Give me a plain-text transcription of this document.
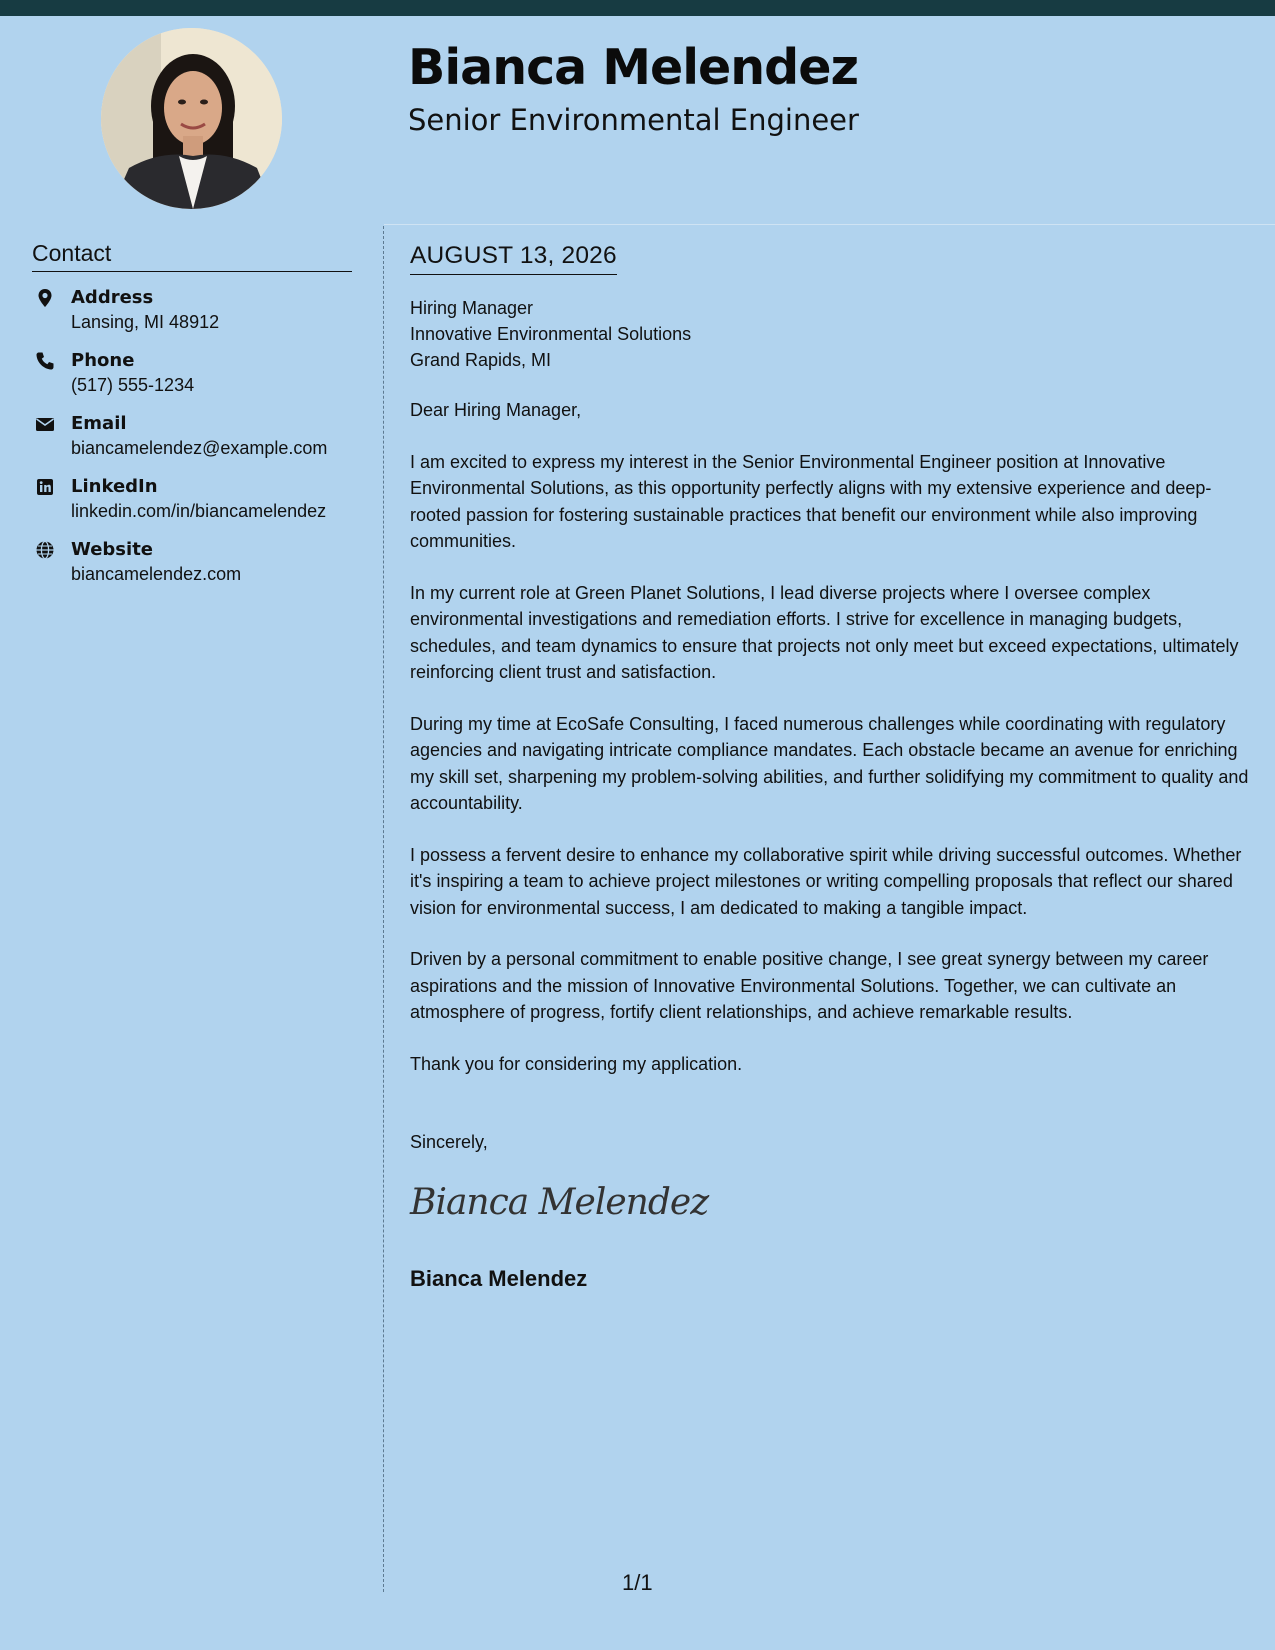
Bianca Melendez
Senior Environmental Engineer
Contact
Address
Lansing, MI 48912
Phone
(517) 555-1234
Email
biancamelendez@example.com
LinkedIn
linkedin.com/in/biancamelendez
Website
biancamelendez.com
AUGUST 13, 2026
Hiring Manager
Innovative Environmental Solutions
Grand Rapids, MI
Dear Hiring Manager,
I am excited to express my interest in the Senior Environmental Engineer position at Innovative Environmental Solutions, as this opportunity perfectly aligns with my extensive experience and deep-rooted passion for fostering sustainable practices that benefit our environment while also improving communities.
In my current role at Green Planet Solutions, I lead diverse projects where I oversee complex environmental investigations and remediation efforts. I strive for excellence in managing budgets, schedules, and team dynamics to ensure that projects not only meet but exceed expectations, ultimately reinforcing client trust and satisfaction.
During my time at EcoSafe Consulting, I faced numerous challenges while coordinating with regulatory agencies and navigating intricate compliance mandates. Each obstacle became an avenue for enriching my skill set, sharpening my problem-solving abilities, and further solidifying my commitment to quality and accountability.
I possess a fervent desire to enhance my collaborative spirit while driving successful outcomes. Whether it's inspiring a team to achieve project milestones or writing compelling proposals that reflect our shared vision for environmental success, I am dedicated to making a tangible impact.
Driven by a personal commitment to enable positive change, I see great synergy between my career aspirations and the mission of Innovative Environmental Solutions. Together, we can cultivate an atmosphere of progress, fortify client relationships, and achieve remarkable results.
Thank you for considering my application.
Sincerely,
Bianca Melendez
Bianca Melendez
1/1
